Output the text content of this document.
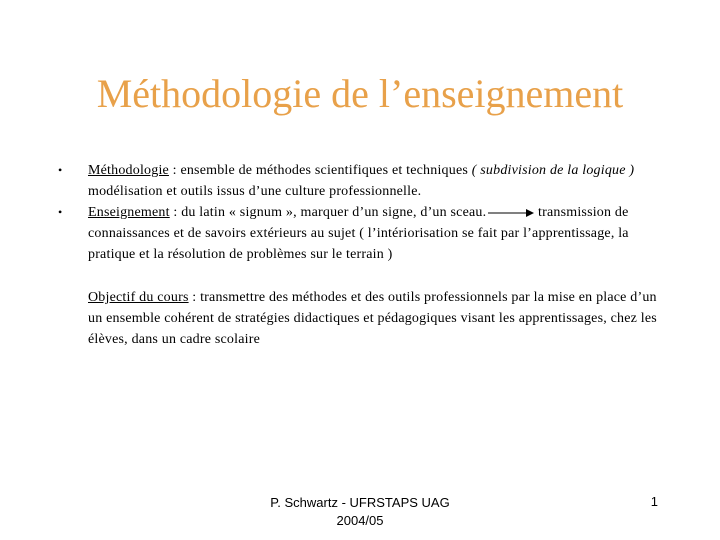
Méthodologie de l’enseignement
• Méthodologie : ensemble de méthodes scientifiques et techniques ( subdivision de la logique ) modélisation et outils issus d’une culture professionnelle.
• Enseignement : du latin « signum », marquer d’un signe, d’un sceau.	transmission de connaissances et de savoirs extérieurs au sujet ( l’intériorisation se fait par l’apprentissage, la pratique et la résolution de problèmes sur le terrain )
Objectif du cours : transmettre des méthodes et des outils professionnels par la mise en place d’un un ensemble cohérent de stratégies didactiques et pédagogiques visant les apprentissages, chez les élèves, dans un cadre scolaire
P. Schwartz - UFRSTAPS UAG
2004/05
1
